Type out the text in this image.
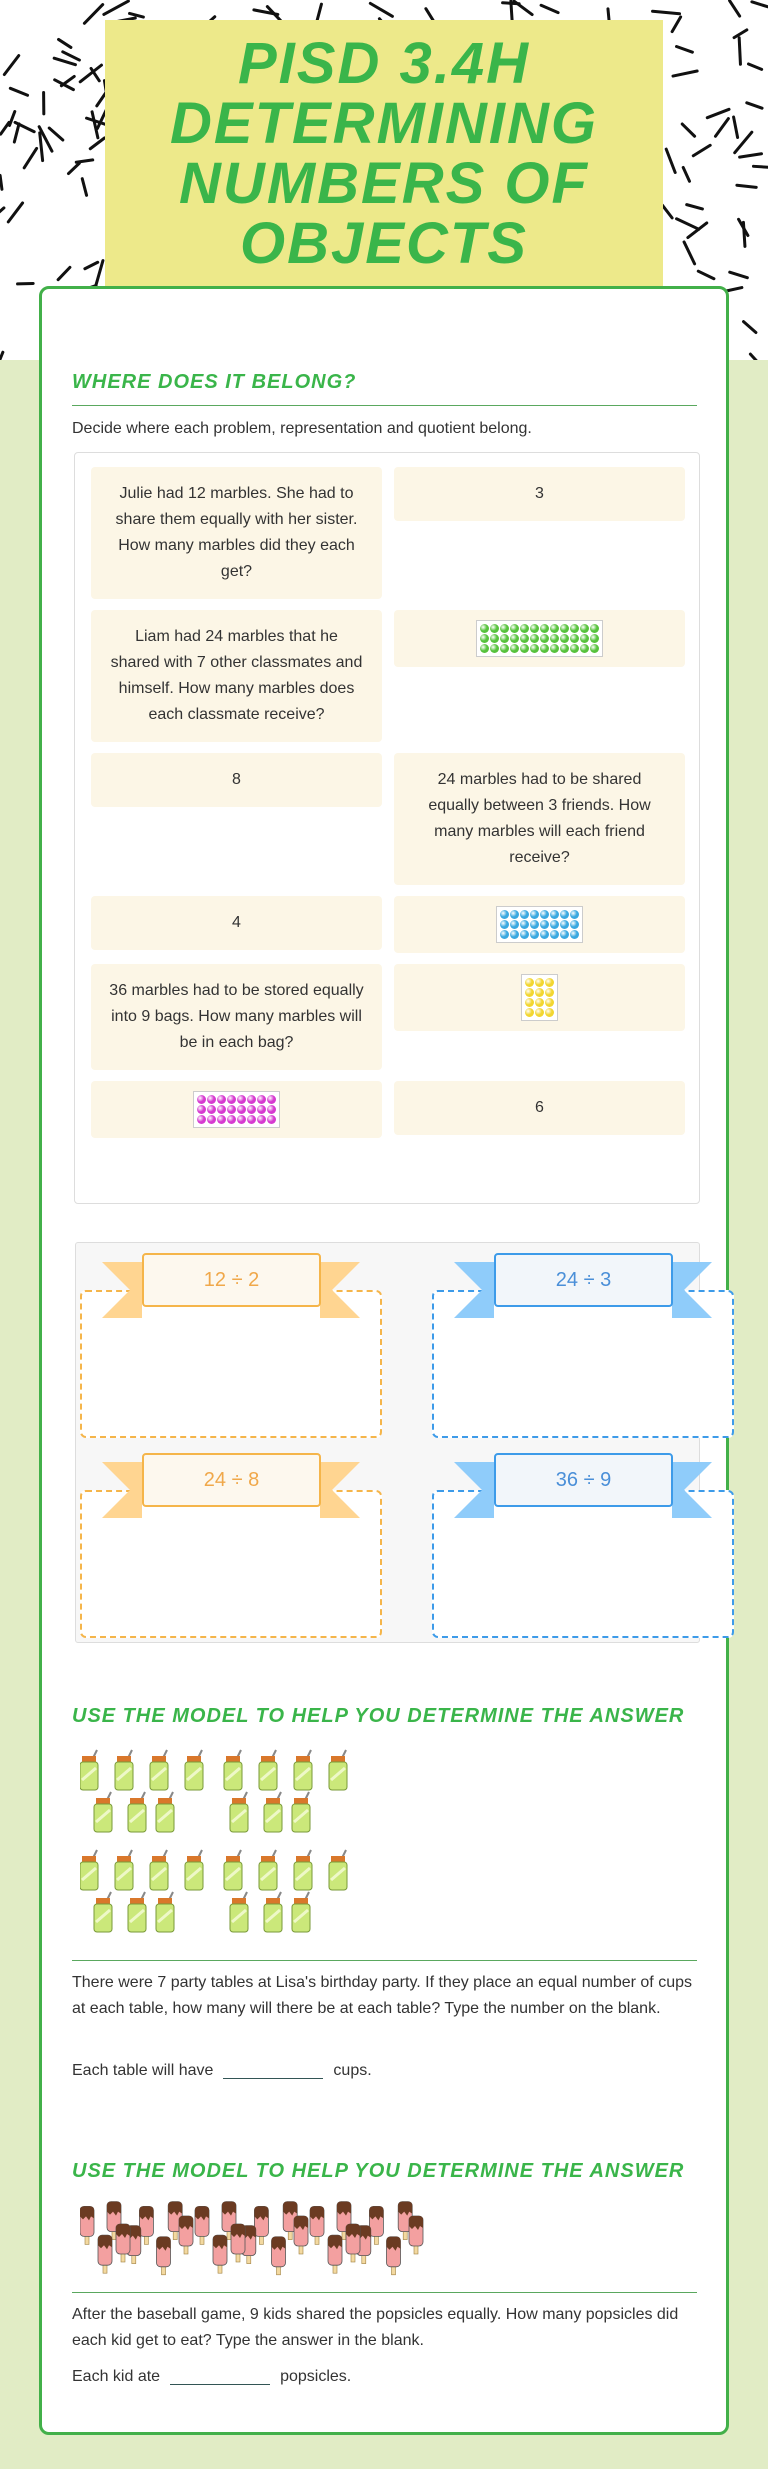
PISD 3.4H
DETERMINING
NUMBERS OF
OBJECTS
WHERE DOES IT BELONG?
Decide where each problem, representation and quotient belong.
Julie had 12 marbles. She had to share them equally with her sister. How many marbles did they each get?
3
Liam had 24 marbles that he shared with 7 other classmates and himself. How many marbles does each classmate receive?
8	24 marbles had to be shared equally between 3 friends. How many marbles will each friend receive?
4
36 marbles had to be stored equally into 9 bags. How many marbles will be in each bag?
6
12 ÷ 2	24 ÷ 3
24 ÷ 8	36 ÷ 9
USE THE MODEL TO HELP YOU DETERMINE THE ANSWER
There were 7 party tables at Lisa's birthday party. If they place an equal number of cups at each table, how many will there be at each table? Type the number on the blank.
Each table will have	cups.
USE THE MODEL TO HELP YOU DETERMINE THE ANSWER
After the baseball game, 9 kids shared the popsicles equally. How many popsicles did each kid get to eat? Type the answer in the blank.
Each kid ate	popsicles.
